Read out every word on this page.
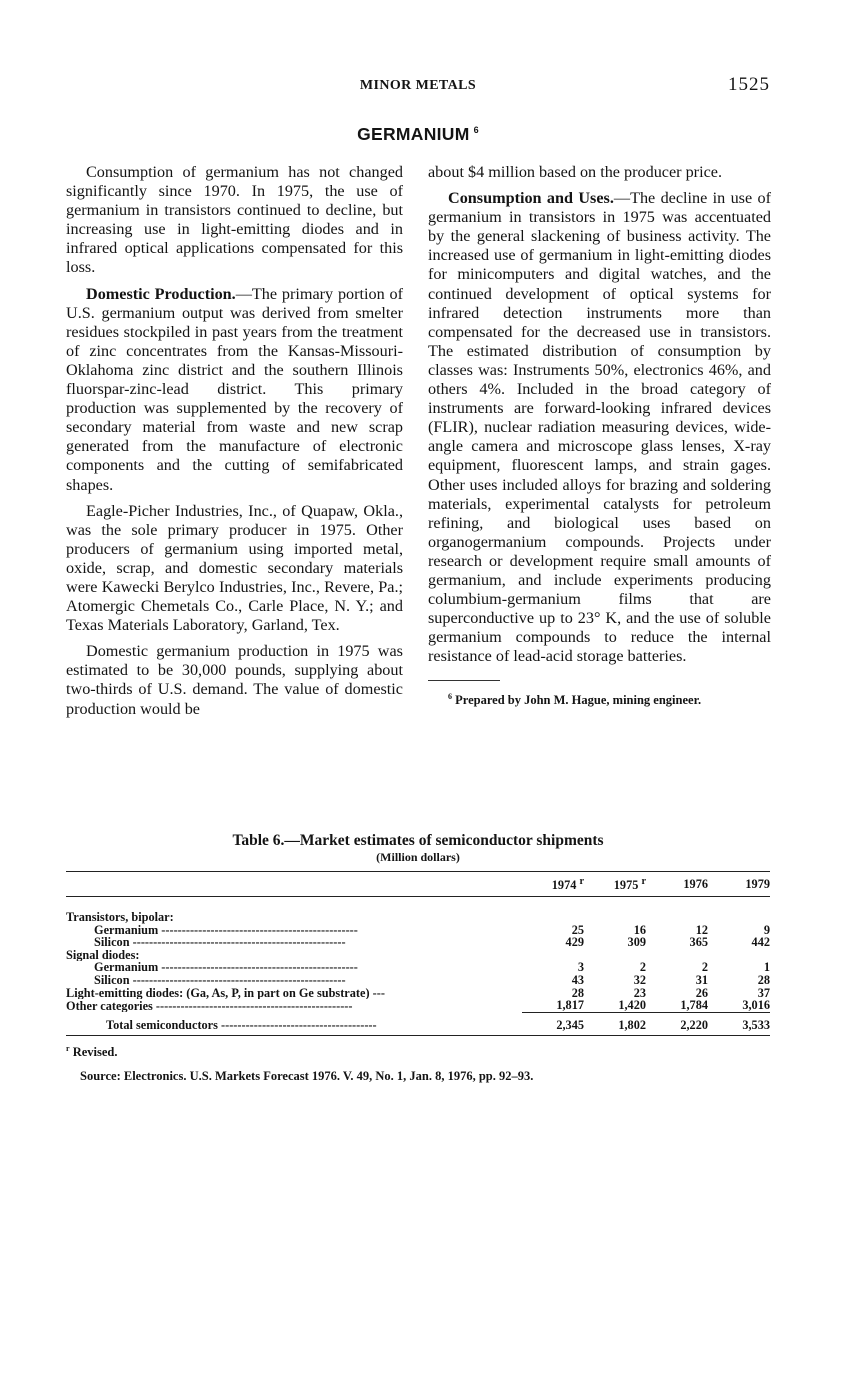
MINOR METALS	1525
GERMANIUM $^6$

Consumption of germanium has not changed significantly since 1970. In 1975, the use of germanium in transistors continued to decline, but increasing use in light-emitting diodes and in infrared optical applications compensated for this loss.

Domestic Production.—The primary portion of U.S. germanium output was derived from smelter residues stockpiled in past years from the treatment of zinc concentrates from the Kansas-Missouri-Oklahoma zinc district and the southern Illinois fluorspar-zinc-lead district. This primary production was supplemented by the recovery of secondary material from waste and new scrap generated from the manufacture of electronic components and the cutting of semifabricated shapes.

Eagle-Picher Industries, Inc., of Quapaw, Okla., was the sole primary producer in 1975. Other producers of germanium using imported metal, oxide, scrap, and domestic secondary materials were Kawecki Berylco Industries, Inc., Revere, Pa.; Atomergic Chemetals Co., Carle Place, N. Y.; and Texas Materials Laboratory, Garland, Tex.

Domestic germanium production in 1975 was estimated to be 30,000 pounds, supplying about two-thirds of U.S. demand. The value of domestic production would be

about $4 million based on the producer price.

Consumption and Uses.—The decline in use of germanium in transistors in 1975 was accentuated by the general slackening of business activity. The increased use of germanium in light-emitting diodes for minicomputers and digital watches, and the continued development of optical systems for infrared detection instruments more than compensated for the decreased use in transistors. The estimated distribution of consumption by classes was: Instruments 50%, electronics 46%, and others 4%. Included in the broad category of instruments are forward-looking infrared devices (FLIR), nuclear radiation measuring devices, wide-angle camera and microscope glass lenses, X-ray equipment, fluorescent lamps, and strain gages. Other uses included alloys for brazing and soldering materials, experimental catalysts for petroleum refining, and biological uses based on organogermanium compounds. Projects under research or development require small amounts of germanium, and include experiments producing columbium-germanium films that are superconductive up to 23° K, and the use of soluble germanium compounds to reduce the internal resistance of lead-acid storage batteries.

$^6$ Prepared by John M. Hague, mining engineer.

Table 6.—Market estimates of semiconductor shipments
(Million dollars)
	1974 $^r$	1975 $^r$	1976	1979
Transistors, bipolar:				
Germanium ------------------------------------------------	25	16	12	9
Silicon ----------------------------------------------------	429	309	365	442
Signal diodes:				
Germanium ------------------------------------------------	3	2	2	1
Silicon ----------------------------------------------------	43	32	31	28
Light-emitting diodes: (Ga, As, P, in part on Ge substrate) ---	28	23	26	37
Other categories ------------------------------------------------	1,817	1,420	1,784	3,016

Total semiconductors --------------------------------------	2,345	1,802	2,220	3,533
$^r$ Revised.
Source: Electronics. U.S. Markets Forecast 1976. V. 49, No. 1, Jan. 8, 1976, pp. 92–93.
